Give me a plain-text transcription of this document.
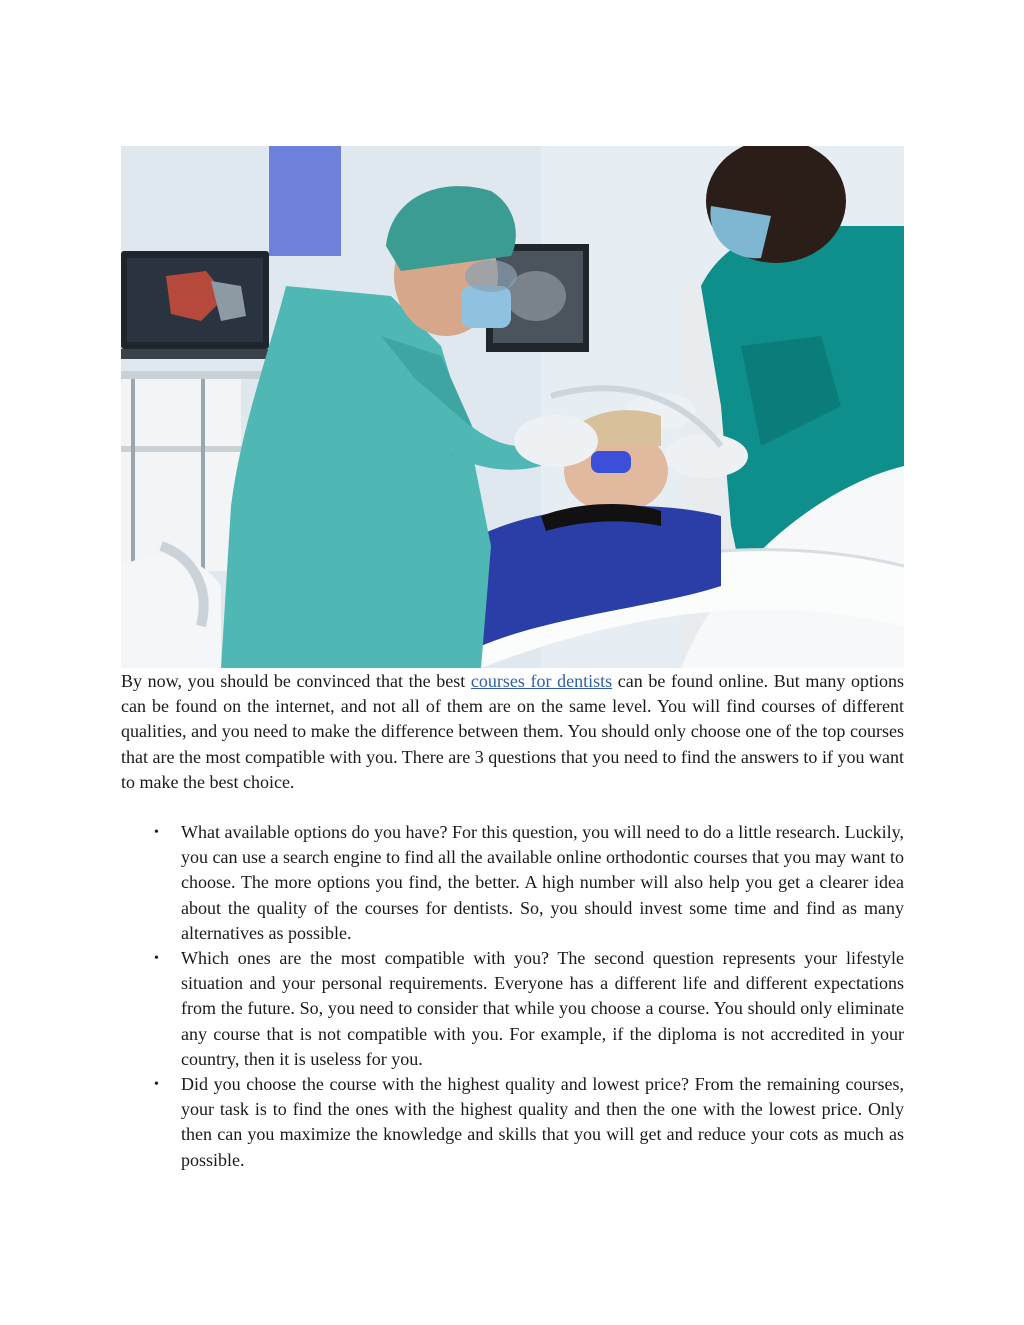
By now, you should be convinced that the best courses for dentists can be found online. But many options can be found on the internet, and not all of them are on the same level. You will find courses of different qualities, and you need to make the difference between them. You should only choose one of the top courses that are the most compatible with you. There are 3 questions that you need to find the answers to if you want to make the best choice.

• What available options do you have? For this question, you will need to do a little research. Luckily, you can use a search engine to find all the available online orthodontic courses that you may want to choose. The more options you find, the better. A high number will also help you get a clearer idea about the quality of the courses for dentists. So, you should invest some time and find as many alternatives as possible.
• Which ones are the most compatible with you? The second question represents your lifestyle situation and your personal requirements. Everyone has a different life and different expectations from the future. So, you need to consider that while you choose a course. You should only eliminate any course that is not compatible with you. For example, if the diploma is not accredited in your country, then it is useless for you.
• Did you choose the course with the highest quality and lowest price? From the remaining courses, your task is to find the ones with the highest quality and then the one with the lowest price. Only then can you maximize the knowledge and skills that you will get and reduce your cots as much as possible.
